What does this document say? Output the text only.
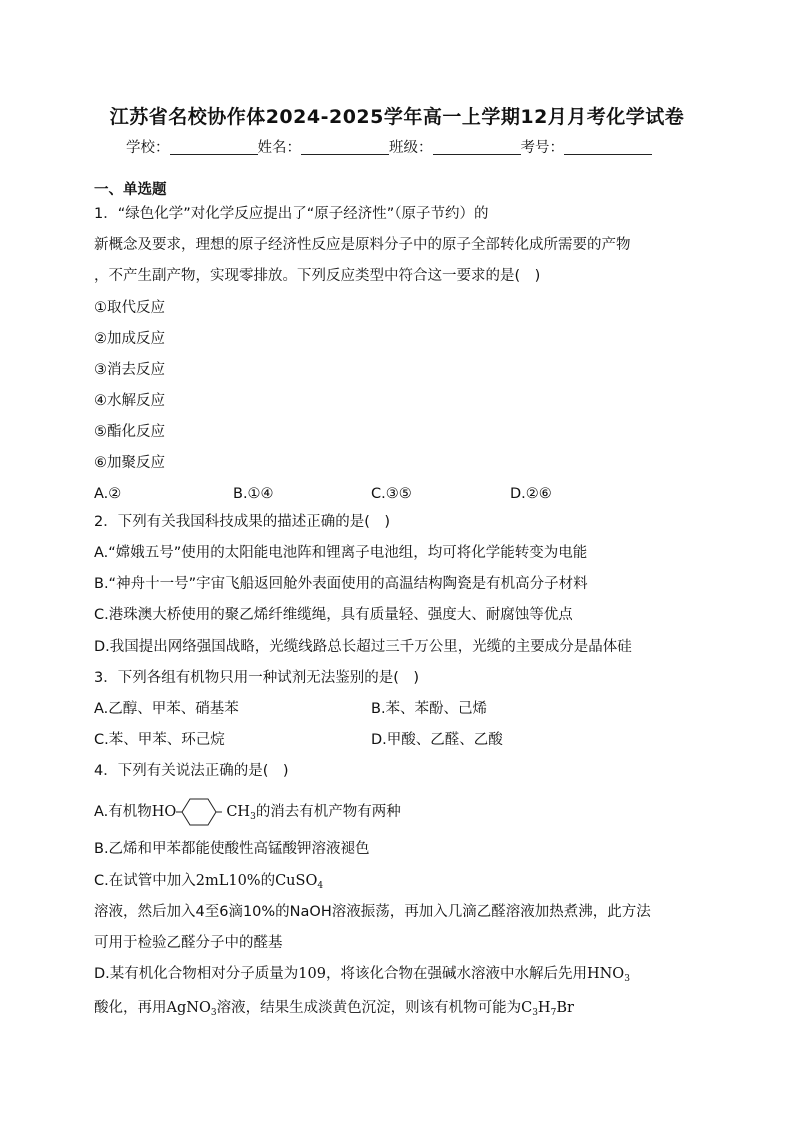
江苏省名校协作体2024-2025学年高一上学期12月月考化学试卷
学校：	姓名：	班级：	考号：
一、单选题
1．“绿色化学”对化学反应提出了“原子经济性”（原子节约）的
新概念及要求，理想的原子经济性反应是原料分子中的原子全部转化成所需要的产物
，不产生副产物，实现零排放。下列反应类型中符合这一要求的是(　)
①取代反应
②加成反应
③消去反应
④水解反应
⑤酯化反应
⑥加聚反应
A.②	B.①④	C.③⑤	D.②⑥
2．下列有关我国科技成果的描述正确的是(　)
A.“嫦娥五号”使用的太阳能电池阵和锂离子电池组，均可将化学能转变为电能
B.“神舟十一号”宇宙飞船返回舱外表面使用的高温结构陶瓷是有机高分子材料
C.港珠澳大桥使用的聚乙烯纤维缆绳，具有质量轻、强度大、耐腐蚀等优点
D.我国提出网络强国战略，光缆线路总长超过三千万公里，光缆的主要成分是晶体硅
3．下列各组有机物只用一种试剂无法鉴别的是(　)
A.乙醇、甲苯、硝基苯	B.苯、苯酚、己烯
C.苯、甲苯、环己烷	D.甲酸、乙醛、乙酸
4．下列有关说法正确的是(　)
A.有机物HO	$CH_3$的消去有机产物有两种
B.乙烯和甲苯都能使酸性高锰酸钾溶液褪色
C.在试管中加入2mL10%的CuSO$_4$
溶液，然后加入4至6滴10%的NaOH溶液振荡，再加入几滴乙醛溶液加热煮沸，此方法
可用于检验乙醛分子中的醛基
D.某有机化合物相对分子质量为109，将该化合物在强碱水溶液中水解后先用$HNO_3$
酸化，再用AgNO$_3$溶液，结果生成淡黄色沉淀，则该有机物可能为$C_3H_7Br$
